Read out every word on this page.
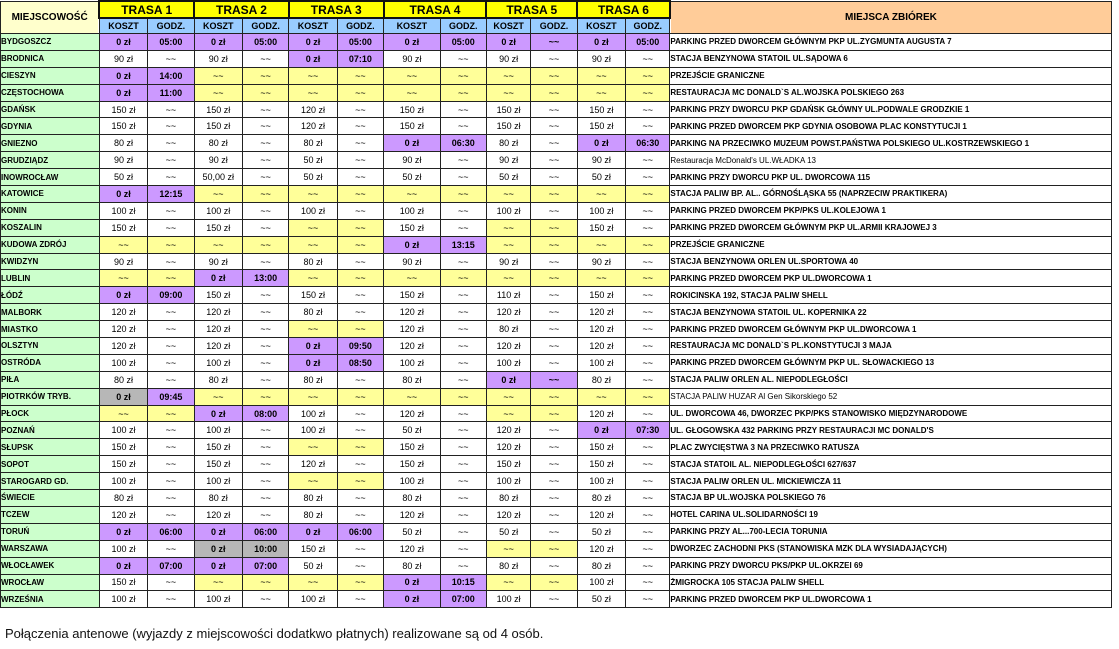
MIEJSCOWOŚĆ	TRASA 1		TRASA 2		TRASA 3		TRASA 4		TRASA 5		TRASA 6		MIEJSCA ZBIÓREK
	KOSZT	GODZ.	KOSZT	GODZ.	KOSZT	GODZ.	KOSZT	GODZ.	KOSZT	GODZ.	KOSZT	GODZ.	
BYDGOSZCZ	0 zł	05:00	0 zł	05:00	0 zł	05:00	0 zł	05:00	0 zł	~~	0 zł	05:00	PARKING PRZED DWORCEM GŁÓWNYM PKP UL.ZYGMUNTA AUGUSTA 7
BRODNICA	90 zł	~~	90 zł	~~	0 zł	07:10	90 zł	~~	90 zł	~~	90 zł	~~	STACJA BENZYNOWA STATOIL UL.SĄDOWA 6
CIESZYN	0 zł	14:00	~~	~~	~~	~~	~~	~~	~~	~~	~~	~~	PRZEJŚCIE GRANICZNE
CZĘSTOCHOWA	0 zł	11:00	~~	~~	~~	~~	~~	~~	~~	~~	~~	~~	RESTAURACJA MC DONALD`S AL.WOJSKA POLSKIEGO 263
GDAŃSK	150 zł	~~	150 zł	~~	120 zł	~~	150 zł	~~	150 zł	~~	150 zł	~~	PARKING PRZY DWORCU PKP GDAŃSK GŁÓWNY UL.PODWALE GRODZKIE 1
GDYNIA	150 zł	~~	150 zł	~~	120 zł	~~	150 zł	~~	150 zł	~~	150 zł	~~	PARKING PRZED DWORCEM PKP GDYNIA OSOBOWA PLAC KONSTYTUCJI 1
GNIEZNO	80 zł	~~	80 zł	~~	80 zł	~~	0 zł	06:30	80 zł	~~	0 zł	06:30	PARKING NA PRZECIWKO MUZEUM POWST.PAŃSTWA POLSKIEGO UL.KOSTRZEWSKIEGO 1
GRUDZIĄDZ	90 zł	~~	90 zł	~~	50 zł	~~	90 zł	~~	90 zł	~~	90 zł	~~	Restauracja McDonald's UL.WŁADKA 13
INOWROCŁAW	50 zł	~~	50,00 zł	~~	50 zł	~~	50 zł	~~	50 zł	~~	50 zł	~~	PARKING PRZY DWORCU PKP UL. DWORCOWA 115
KATOWICE	0 zł	12:15	~~	~~	~~	~~	~~	~~	~~	~~	~~	~~	STACJA PALIW BP. AL.. GÓRNOŚLĄSKA 55 (NAPRZECIW PRAKTIKERA)
KONIN	100 zł	~~	100 zł	~~	100 zł	~~	100 zł	~~	100 zł	~~	100 zł	~~	PARKING PRZED DWORCEM PKP/PKS UL.KOLEJOWA 1
KOSZALIN	150 zł	~~	150 zł	~~	~~	~~	150 zł	~~	~~	~~	150 zł	~~	PARKING PRZED DWORCEM GŁÓWNYM PKP UL.ARMII KRAJOWEJ 3
KUDOWA ZDRÓJ	~~	~~	~~	~~	~~	~~	0 zł	13:15	~~	~~	~~	~~	PRZEJŚCIE GRANICZNE
KWIDZYN	90 zł	~~	90 zł	~~	80 zł	~~	90 zł	~~	90 zł	~~	90 zł	~~	STACJA BENZYNOWA ORLEN UL.SPORTOWA 40
LUBLIN	~~	~~	0 zł	13:00	~~	~~	~~	~~	~~	~~	~~	~~	PARKING PRZED DWORCEM PKP UL.DWORCOWA 1
ŁÓDŹ	0 zł	09:00	150 zł	~~	150 zł	~~	150 zł	~~	110 zł	~~	150 zł	~~	ROKICINSKA 192, STACJA PALIW SHELL
MALBORK	120 zł	~~	120 zł	~~	80 zł	~~	120 zł	~~	120 zł	~~	120 zł	~~	STACJA BENZYNOWA STATOIL UL. KOPERNIKA 22
MIASTKO	120 zł	~~	120 zł	~~	~~	~~	120 zł	~~	80 zł	~~	120 zł	~~	PARKING PRZED DWORCEM GŁÓWNYM PKP UL.DWORCOWA 1
OLSZTYN	120 zł	~~	120 zł	~~	0 zł	09:50	120 zł	~~	120 zł	~~	120 zł	~~	RESTAURACJA MC DONALD`S PL.KONSTYTUCJI 3 MAJA
OSTRÓDA	100 zł	~~	100 zł	~~	0 zł	08:50	100 zł	~~	100 zł	~~	100 zł	~~	PARKING PRZED DWORCEM GŁÓWNYM PKP UL. SŁOWACKIEGO 13
PIŁA	80 zł	~~	80 zł	~~	80 zł	~~	80 zł	~~	0 zł	~~	80 zł	~~	STACJA PALIW ORLEN AL. NIEPODLEGŁOŚCI
PIOTRKÓW TRYB.	0 zł	09:45	~~	~~	~~	~~	~~	~~	~~	~~	~~	~~	STACJA PALIW HUZAR Al Gen Sikorskiego 52
PŁOCK	~~	~~	0 zł	08:00	100 zł	~~	120 zł	~~	~~	~~	120 zł	~~	UL. DWORCOWA 46, DWORZEC PKP/PKS STANOWISKO MIĘDZYNARODOWE
POZNAŃ	100 zł	~~	100 zł	~~	100 zł	~~	50 zł	~~	120 zł	~~	0 zł	07:30	UL. GŁOGOWSKA 432 PARKING PRZY RESTAURACJI MC DONALD'S
SŁUPSK	150 zł	~~	150 zł	~~	~~	~~	150 zł	~~	120 zł	~~	150 zł	~~	PLAC ZWYCIĘSTWA 3 NA PRZECIWKO RATUSZA
SOPOT	150 zł	~~	150 zł	~~	120 zł	~~	150 zł	~~	150 zł	~~	150 zł	~~	STACJA STATOIL AL. NIEPODLEGŁOŚCI 627/637
STAROGARD GD.	100 zł	~~	100 zł	~~	~~	~~	100 zł	~~	100 zł	~~	100 zł	~~	STACJA PALIW ORLEN UL. MICKIEWICZA 11
ŚWIECIE	80 zł	~~	80 zł	~~	80 zł	~~	80 zł	~~	80 zł	~~	80 zł	~~	STACJA BP UL.WOJSKA POLSKIEGO 76
TCZEW	120 zł	~~	120 zł	~~	80 zł	~~	120 zł	~~	120 zł	~~	120 zł	~~	HOTEL CARINA UL.SOLIDARNOŚCI 19
TORUŃ	0 zł	06:00	0 zł	06:00	0 zł	06:00	50 zł	~~	50 zł	~~	50 zł	~~	PARKING PRZY AL...700-LECIA TORUNIA
WARSZAWA	100 zł	~~	0 zł	10:00	150 zł	~~	120 zł	~~	~~	~~	120 zł	~~	DWORZEC ZACHODNI PKS (STANOWISKA MZK DLA WYSIADAJĄCYCH)
WŁOCŁAWEK	0 zł	07:00	0 zł	07:00	50 zł	~~	80 zł	~~	80 zł	~~	80 zł	~~	PARKING PRZY DWORCU PKS/PKP UL.OKRZEI 69
WROCŁAW	150 zł	~~	~~	~~	~~	~~	0 zł	10:15	~~	~~	100 zł	~~	ŻMIGROCKA 105 STACJA PALIW SHELL
WRZEŚNIA	100 zł	~~	100 zł	~~	100 zł	~~	0 zł	07:00	100 zł	~~	50 zł	~~	PARKING PRZED DWORCEM PKP UL.DWORCOWA 1
Połączenia antenowe (wyjazdy z miejscowości dodatkwo płatnych) realizowane są od 4 osób.
